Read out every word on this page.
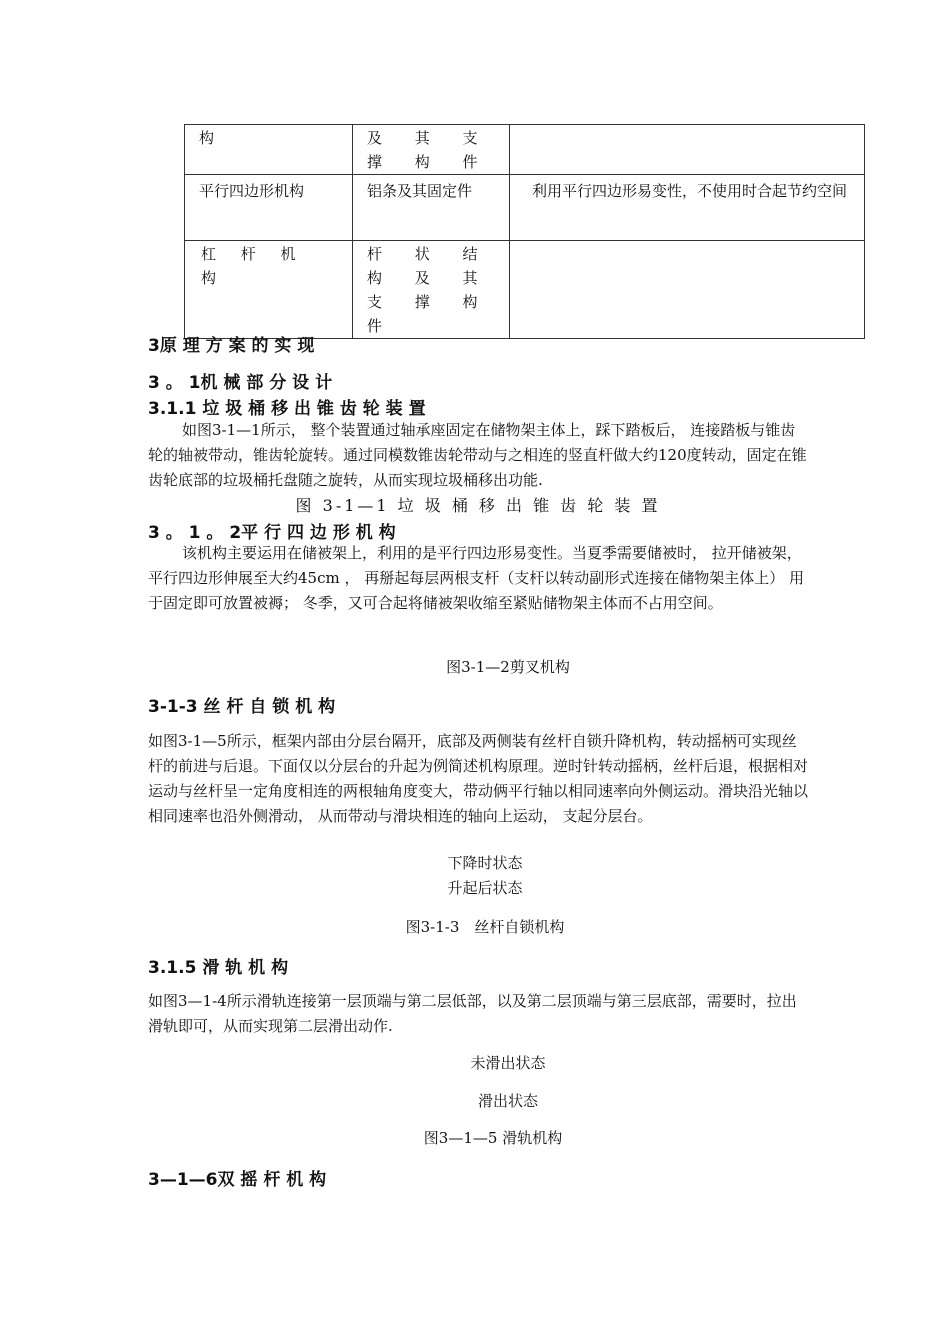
构	及 其 支 撑 构 件	
平行四边形机构	铝条及其固定件	利用平行四边形易变性，不使用时合起节约空间
杠 杆 机 构	杆 状 结 构 及 其 支 撑 构 件	
3原 理 方 案 的 实 现
3 。 1机 械 部 分 设 计
3.1.1 垃 圾 桶 移 出 锥 齿 轮 装 置
如图3-1—1所示， 整个装置通过轴承座固定在储物架主体上，踩下踏板后， 连接踏板与锥齿轮的轴被带动，锥齿轮旋转。通过同模数锥齿轮带动与之相连的竖直杆做大约120度转动，固定在锥齿轮底部的垃圾桶托盘随之旋转，从而实现垃圾桶移出功能.
图 3-1—1 垃 圾 桶 移 出 锥 齿 轮 装 置
3 。 1 。 2平 行 四 边 形 机 构
该机构主要运用在储被架上，利用的是平行四边形易变性。当夏季需要储被时， 拉开储被架，平行四边形伸展至大约45cm ， 再掰起每层两根支杆（支杆以转动副形式连接在储物架主体上） 用于固定即可放置被褥； 冬季，又可合起将储被架收缩至紧贴储物架主体而不占用空间。
图3-1—2剪叉机构
3-1-3 丝 杆 自 锁 机 构
如图3-1—5所示，框架内部由分层台隔开，底部及两侧装有丝杆自锁升降机构，转动摇柄可实现丝杆的前进与后退。下面仅以分层台的升起为例简述机构原理。逆时针转动摇柄，丝杆后退，根据相对运动与丝杆呈一定角度相连的两根轴角度变大，带动俩平行轴以相同速率向外侧运动。滑块沿光轴以相同速率也沿外侧滑动， 从而带动与滑块相连的轴向上运动， 支起分层台。
下降时状态
升起后状态
图3-1-3　丝杆自锁机构
3.1.5 滑 轨 机 构
如图3—1-4所示滑轨连接第一层顶端与第二层低部，以及第二层顶端与第三层底部，需要时，拉出滑轨即可，从而实现第二层滑出动作.
未滑出状态
滑出状态
图3—1—5 滑轨机构
3—1—6双 摇 杆 机 构
